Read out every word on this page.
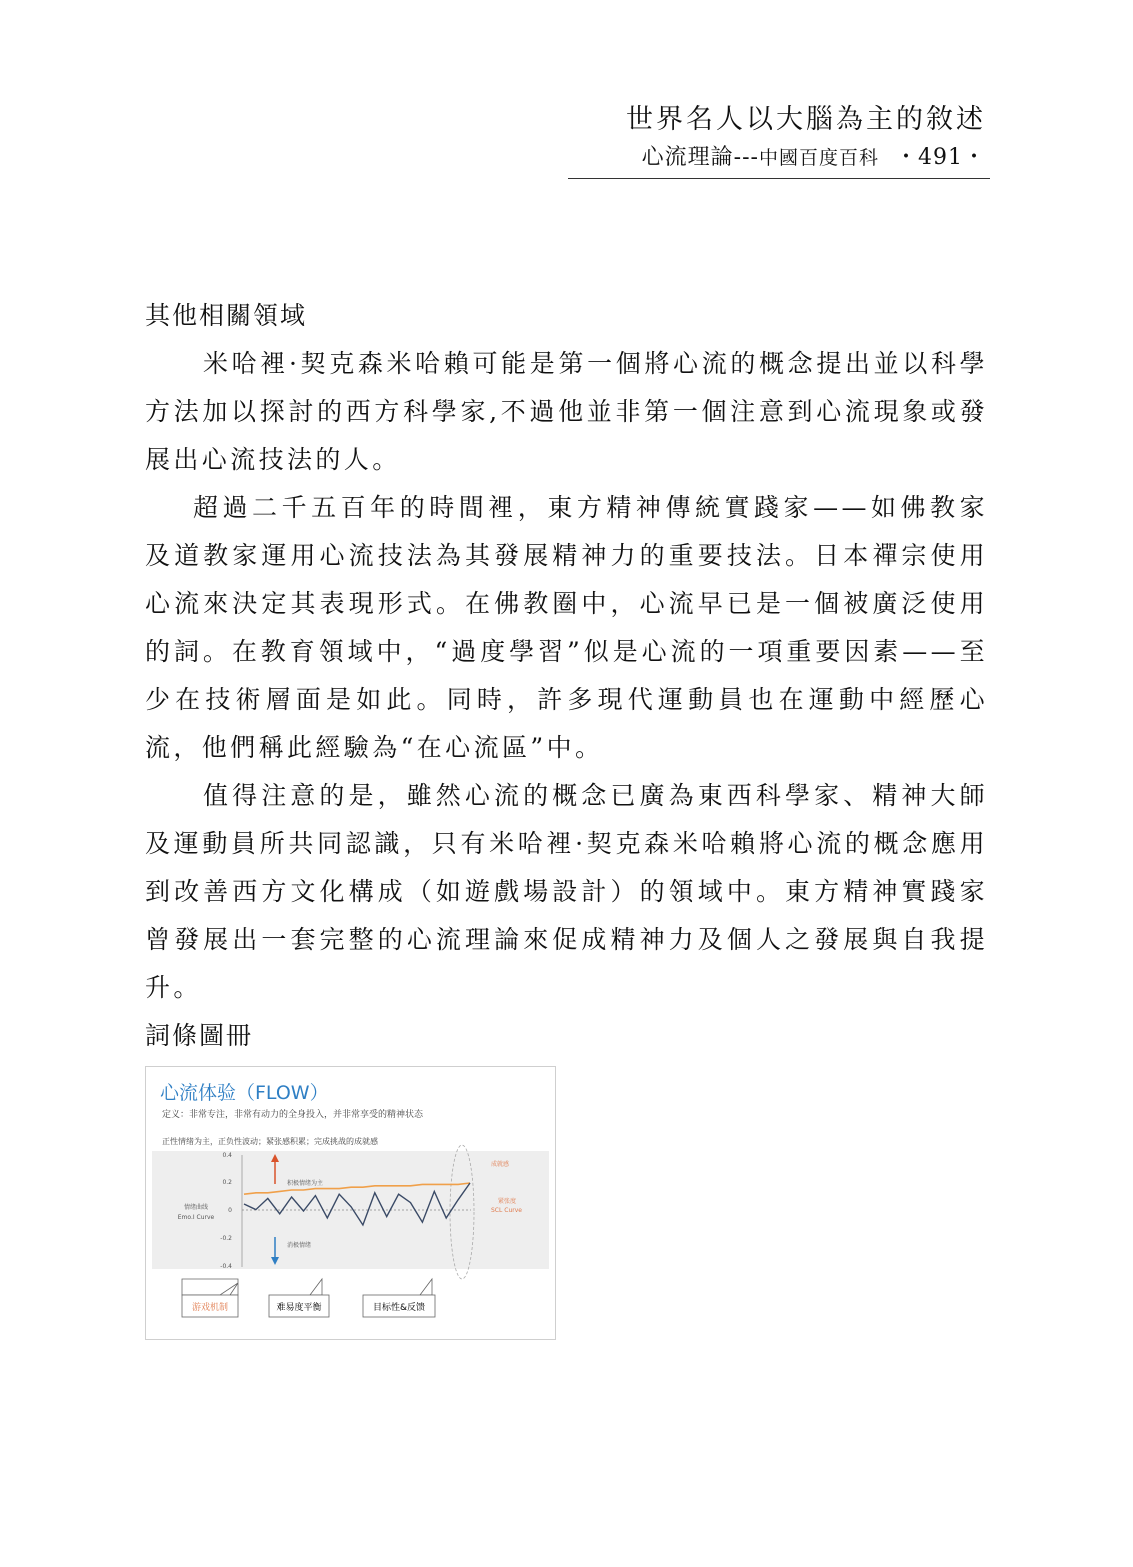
世界名人以大腦為主的敘述
心流理論---中國百度百科 ・491・

其他相關領域

米哈裡·契克森米哈賴可能是第一個將心流的概念提出並以科學方法加以探討的西方科學家,不過他並非第一個注意到心流現象或發展出心流技法的人。

超過二千五百年的時間裡，東方精神傳統實踐家——如佛教家及道教家運用心流技法為其發展精神力的重要技法。日本禪宗使用心流來決定其表現形式。在佛教圈中，心流早已是一個被廣泛使用 的詞。在教育領域中，“過度學習”似是心流的一項重要因素——至少在技術層面是如此。同時，許多現代運動員也在運動中經歷心流，他們稱此經驗為“在心流區”中。

值得注意的是，雖然心流的概念已廣為東西科學家、精神大師及運動員所共同認識，只有米哈裡·契克森米哈賴將心流的概念應用到改善西方文化構成（如遊戲場設計）的領域中。東方精神實踐家曾發展出一套完整的心流理論來促成精神力及個人之發展與自我提升。

詞條圖冊

心流体验（FLOW）
定义：非常专注，非常有动力的全身投入，并非常享受的精神状态
正性情绪为主，正负性波动；紧张感积累；完成挑战的成就感
0.4
0.2
0
-0.2
-0.4
情绪曲线
Emo.I Curve
积极情绪为主
消极情绪
成就感
紧张度
SCL Curve
游戏机制	难易度平衡	目标性&反馈
